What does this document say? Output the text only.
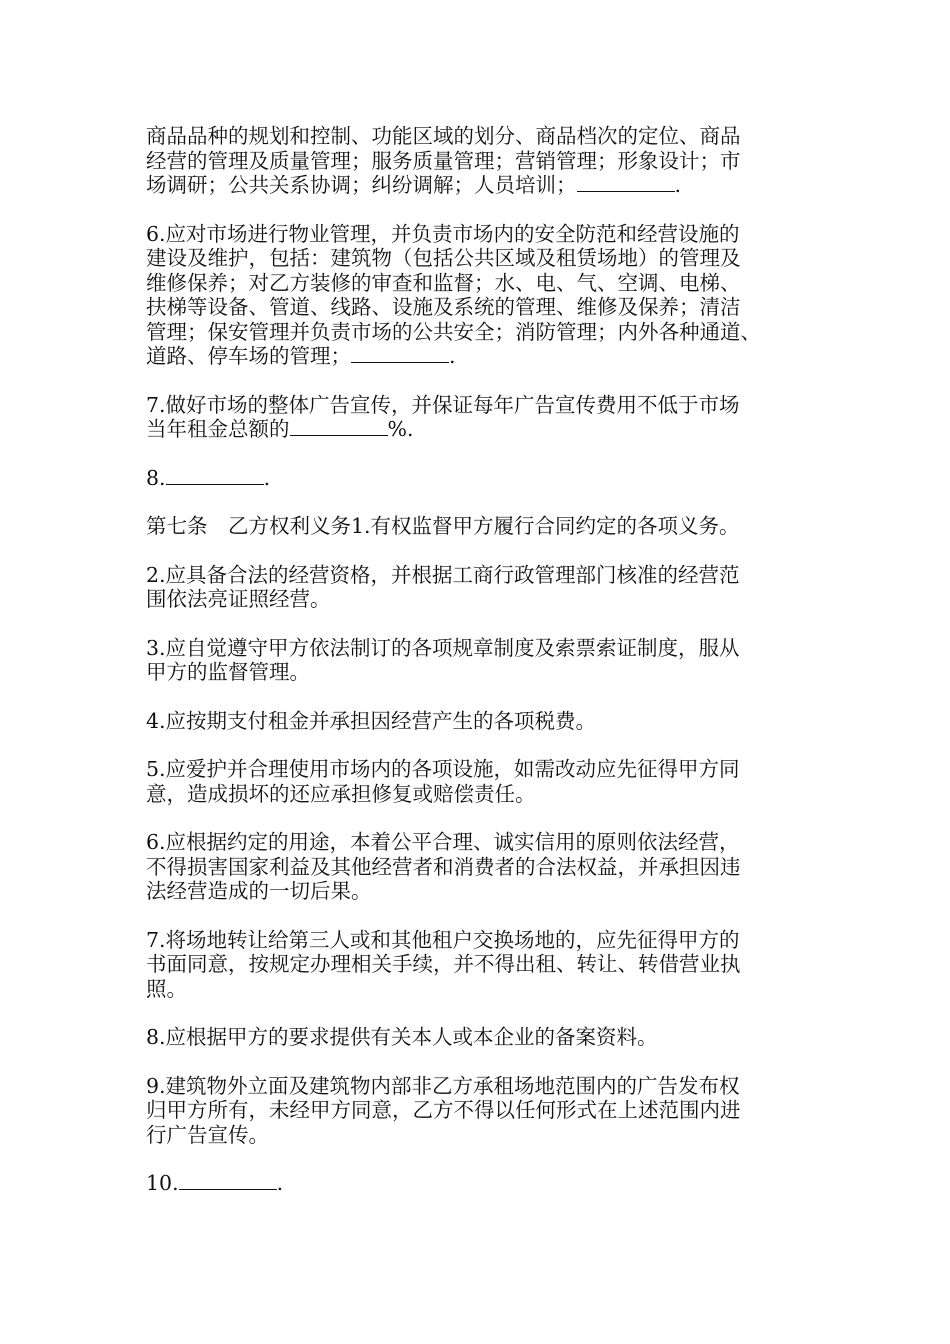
商品品种的规划和控制、功能区域的划分、商品档次的定位、商品
经营的管理及质量管理；服务质量管理；营销管理；形象设计；市
场调研；公共关系协调；纠纷调解；人员培训；	.
6.应对市场进行物业管理，并负责市场内的安全防范和经营设施的
建设及维护，包括：建筑物（包括公共区域及租赁场地）的管理及
维修保养；对乙方装修的审查和监督；水、电、气、空调、电梯、
扶梯等设备、管道、线路、设施及系统的管理、维修及保养；清洁
管理；保安管理并负责市场的公共安全；消防管理；内外各种通道、
道路、停车场的管理；	.
7.做好市场的整体广告宣传，并保证每年广告宣传费用不低于市场
当年租金总额的	%.
8.	.
第七条　乙方权利义务1.有权监督甲方履行合同约定的各项义务。
2.应具备合法的经营资格，并根据工商行政管理部门核准的经营范
围依法亮证照经营。
3.应自觉遵守甲方依法制订的各项规章制度及索票索证制度，服从
甲方的监督管理。
4.应按期支付租金并承担因经营产生的各项税费。
5.应爱护并合理使用市场内的各项设施，如需改动应先征得甲方同
意，造成损坏的还应承担修复或赔偿责任。
6.应根据约定的用途，本着公平合理、诚实信用的原则依法经营，
不得损害国家利益及其他经营者和消费者的合法权益，并承担因违
法经营造成的一切后果。
7.将场地转让给第三人或和其他租户交换场地的，应先征得甲方的
书面同意，按规定办理相关手续，并不得出租、转让、转借营业执
照。
8.应根据甲方的要求提供有关本人或本企业的备案资料。
9.建筑物外立面及建筑物内部非乙方承租场地范围内的广告发布权
归甲方所有，未经甲方同意，乙方不得以任何形式在上述范围内进
行广告宣传。
10.	.
